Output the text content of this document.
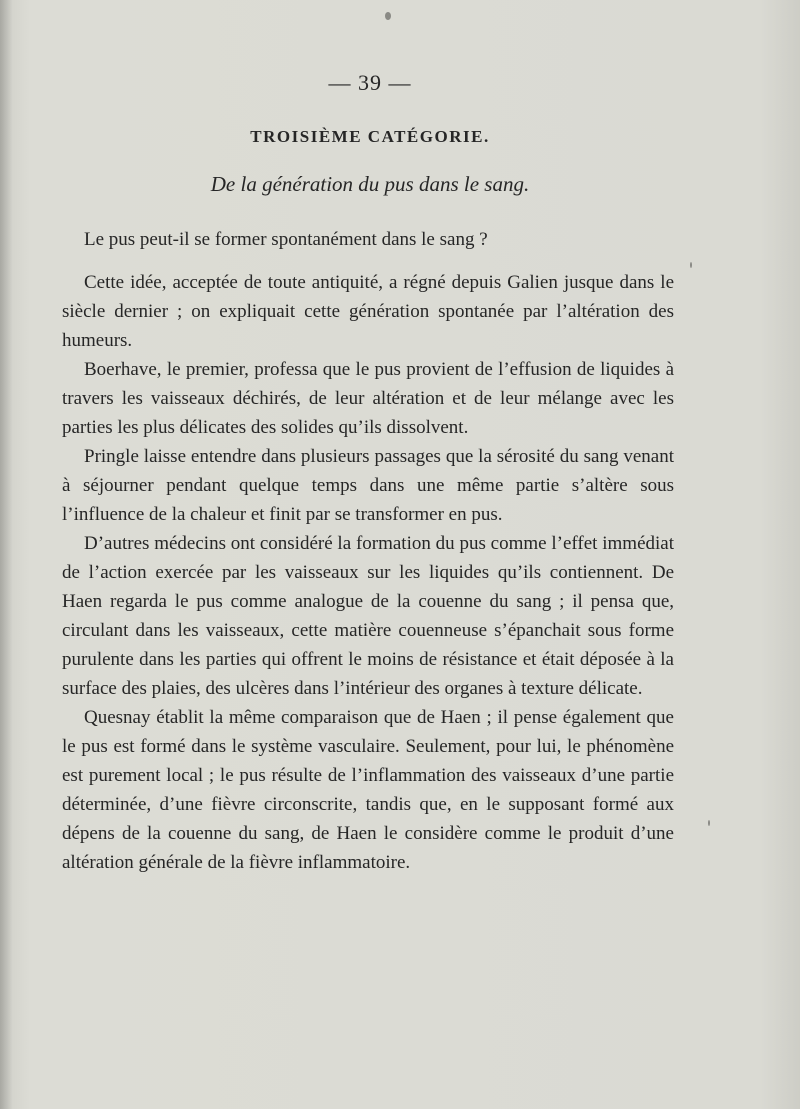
— 39 —
TROISIÈME CATÉGORIE.
De la génération du pus dans le sang.

Le pus peut-il se former spontanément dans le sang ?

Cette idée, acceptée de toute antiquité, a régné depuis Galien jusque dans le siècle dernier ; on expliquait cette génération spontanée par l’altération des humeurs.

Boerhave, le premier, professa que le pus provient de l’effusion de liquides à travers les vaisseaux déchirés, de leur altération et de leur mélange avec les parties les plus délicates des solides qu’ils dissolvent.

Pringle laisse entendre dans plusieurs passages que la sérosité du sang venant à séjourner pendant quelque temps dans une même partie s’altère sous l’influence de la chaleur et finit par se transformer en pus.

D’autres médecins ont considéré la formation du pus comme l’effet immédiat de l’action exercée par les vaisseaux sur les liquides qu’ils contiennent. De Haen regarda le pus comme analogue de la couenne du sang ; il pensa que, circulant dans les vaisseaux, cette matière couenneuse s’épanchait sous forme purulente dans les parties qui offrent le moins de résistance et était déposée à la surface des plaies, des ulcères dans l’intérieur des organes à texture délicate.

Quesnay établit la même comparaison que de Haen ; il pense également que le pus est formé dans le système vasculaire. Seulement, pour lui, le phénomène est purement local ; le pus résulte de l’inflammation des vaisseaux d’une partie déterminée, d’une fièvre circonscrite, tandis que, en le supposant formé aux dépens de la couenne du sang, de Haen le considère comme le produit d’une altération générale de la fièvre inflammatoire.
